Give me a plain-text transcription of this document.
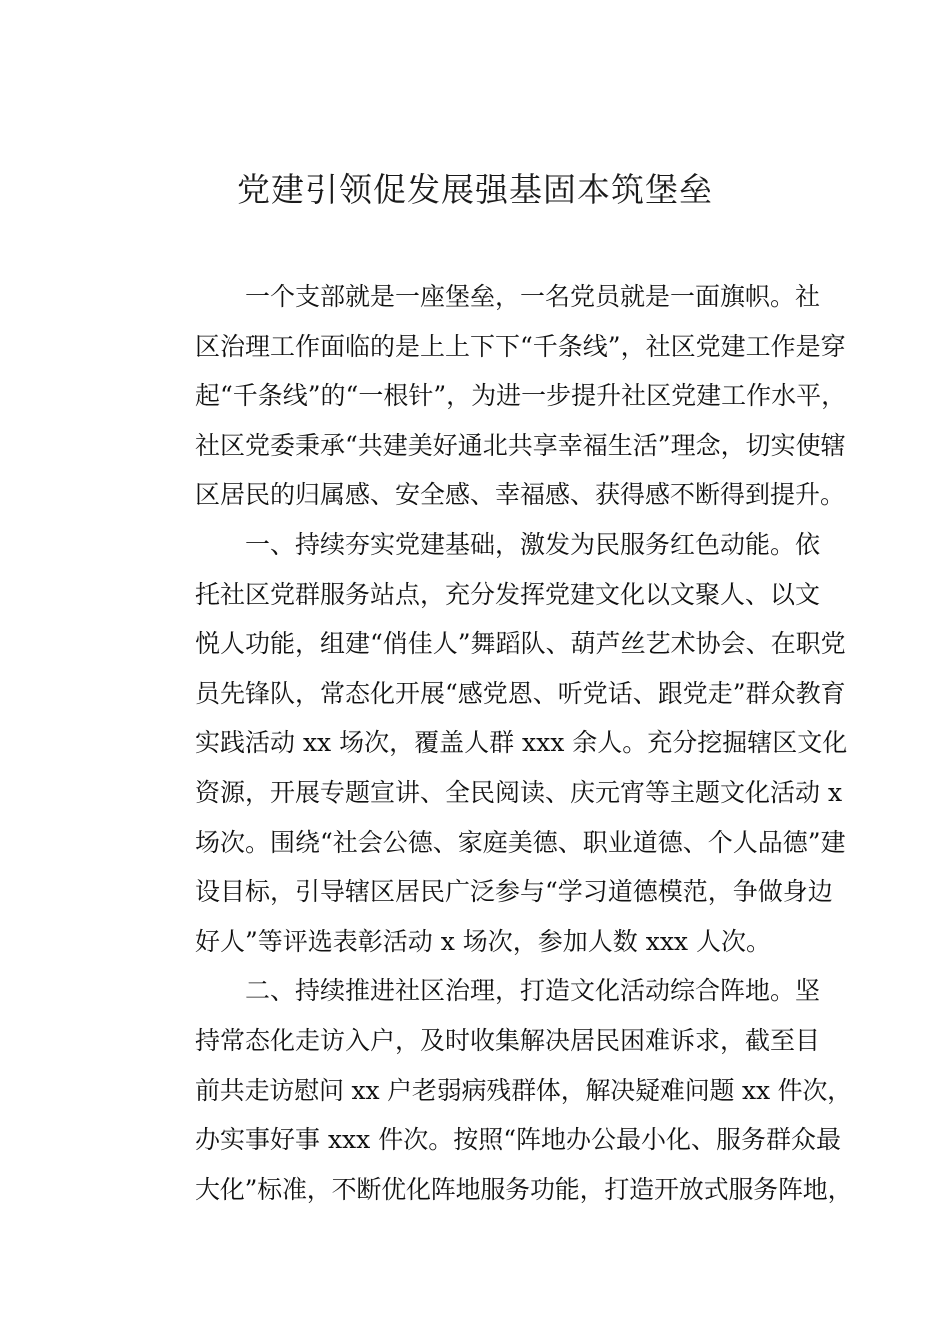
党建引领促发展强基固本筑堡垒
一个支部就是一座堡垒，一名党员就是一面旗帜。社
区治理工作面临的是上上下下“千条线”，社区党建工作是穿
起“千条线”的“一根针”，为进一步提升社区党建工作水平，
社区党委秉承“共建美好通北共享幸福生活”理念，切实使辖
区居民的归属感、安全感、幸福感、获得感不断得到提升。
一、持续夯实党建基础，激发为民服务红色动能。依
托社区党群服务站点，充分发挥党建文化以文聚人、以文
悦人功能，组建“俏佳人”舞蹈队、葫芦丝艺术协会、在职党
员先锋队，常态化开展“感党恩、听党话、跟党走”群众教育
实践活动 xx 场次，覆盖人群 xxx 余人。充分挖掘辖区文化
资源，开展专题宣讲、全民阅读、庆元宵等主题文化活动 x
场次。围绕“社会公德、家庭美德、职业道德、个人品德”建
设目标，引导辖区居民广泛参与“学习道德模范，争做身边
好人”等评选表彰活动 x 场次，参加人数 xxx 人次。
二、持续推进社区治理，打造文化活动综合阵地。坚
持常态化走访入户，及时收集解决居民困难诉求，截至目
前共走访慰问 xx 户老弱病残群体，解决疑难问题 xx 件次，
办实事好事 xxx 件次。按照“阵地办公最小化、服务群众最
大化”标准，不断优化阵地服务功能，打造开放式服务阵地，
